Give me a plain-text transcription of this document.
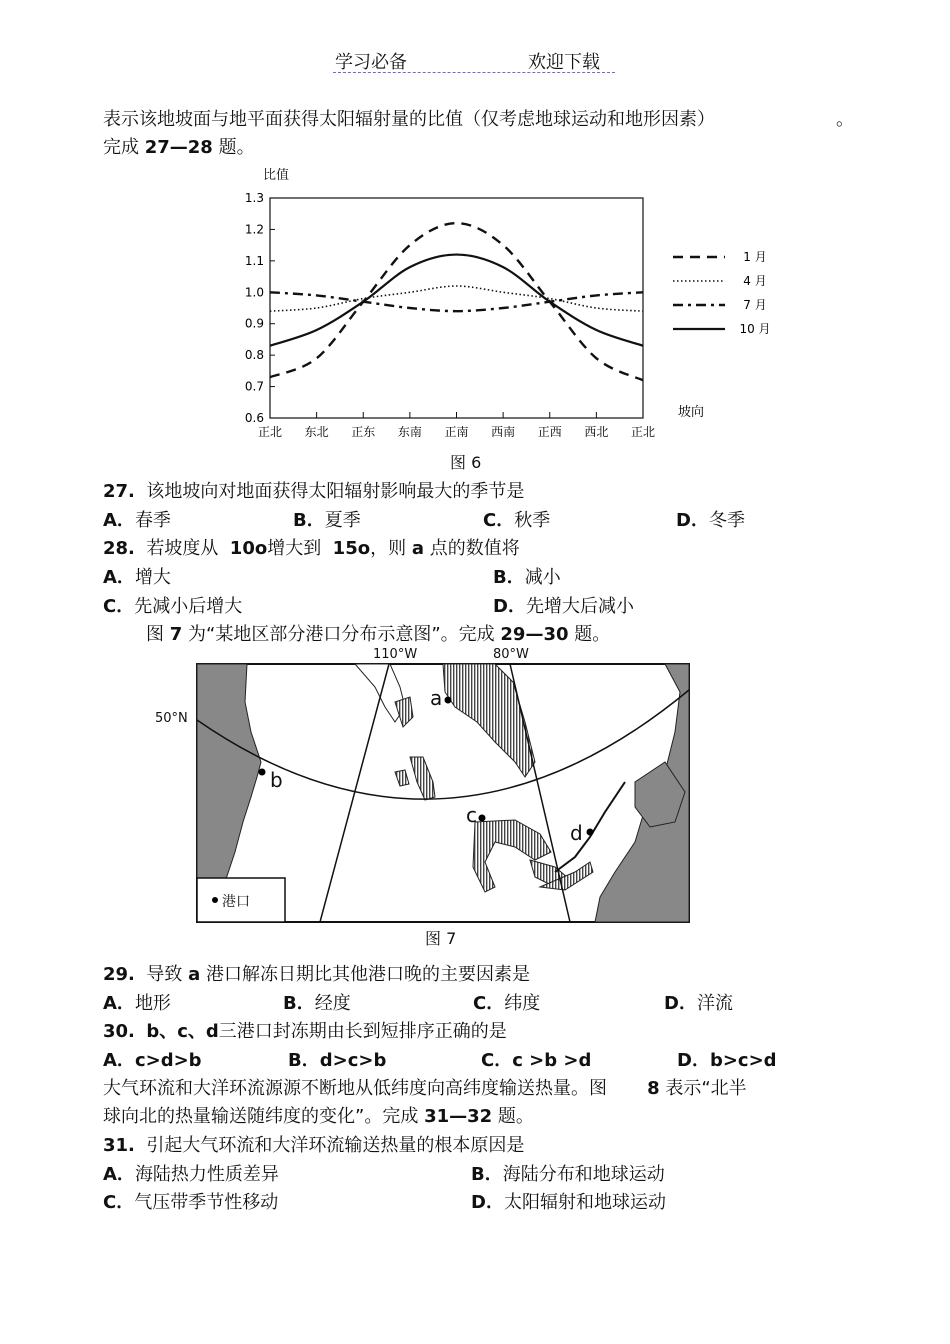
学习必备	欢迎下载
表示该地坡面与地平面获得太阳辐射量的比值（仅考虑地球运动和地形因素）	。
完成 27—28 题。
比值
1.3
1.2
1.1
1.0
0.9
0.8
0.7
0.6
正北 东北 正东 东南 正南 西南 正西 西北 正北
坡向
1 月
4 月
7 月
10 月
图 6
27. 该地坡向对地面获得太阳辐射影响最大的季节是
A．春季	B．夏季	C．秋季	D．冬季
28. 若坡度从 10o增大到 15o，则 a 点的数值将
A．增大	B．减小
C．先减小后增大	D．先增大后减小
图 7 为“某地区部分港口分布示意图”。完成 29—30 题。
110°W	80°W
50°N
a
b
c
d
港口
图 7
29. 导致 a 港口解冻日期比其他港口晚的主要因素是
A．地形	B．经度	C．纬度	D．洋流
30. b、c、d三港口封冻期由长到短排序正确的是
A．c>d>b	B．d>c>b	C．c >b >d	D．b>c>d
大气环流和大洋环流源源不断地从低纬度向高纬度输送热量。图 8 表示“北半
球向北的热量输送随纬度的变化”。完成 31—32 题。
31. 引起大气环流和大洋环流输送热量的根本原因是
A．海陆热力性质差异	B．海陆分布和地球运动
C．气压带季节性移动	D．太阳辐射和地球运动
